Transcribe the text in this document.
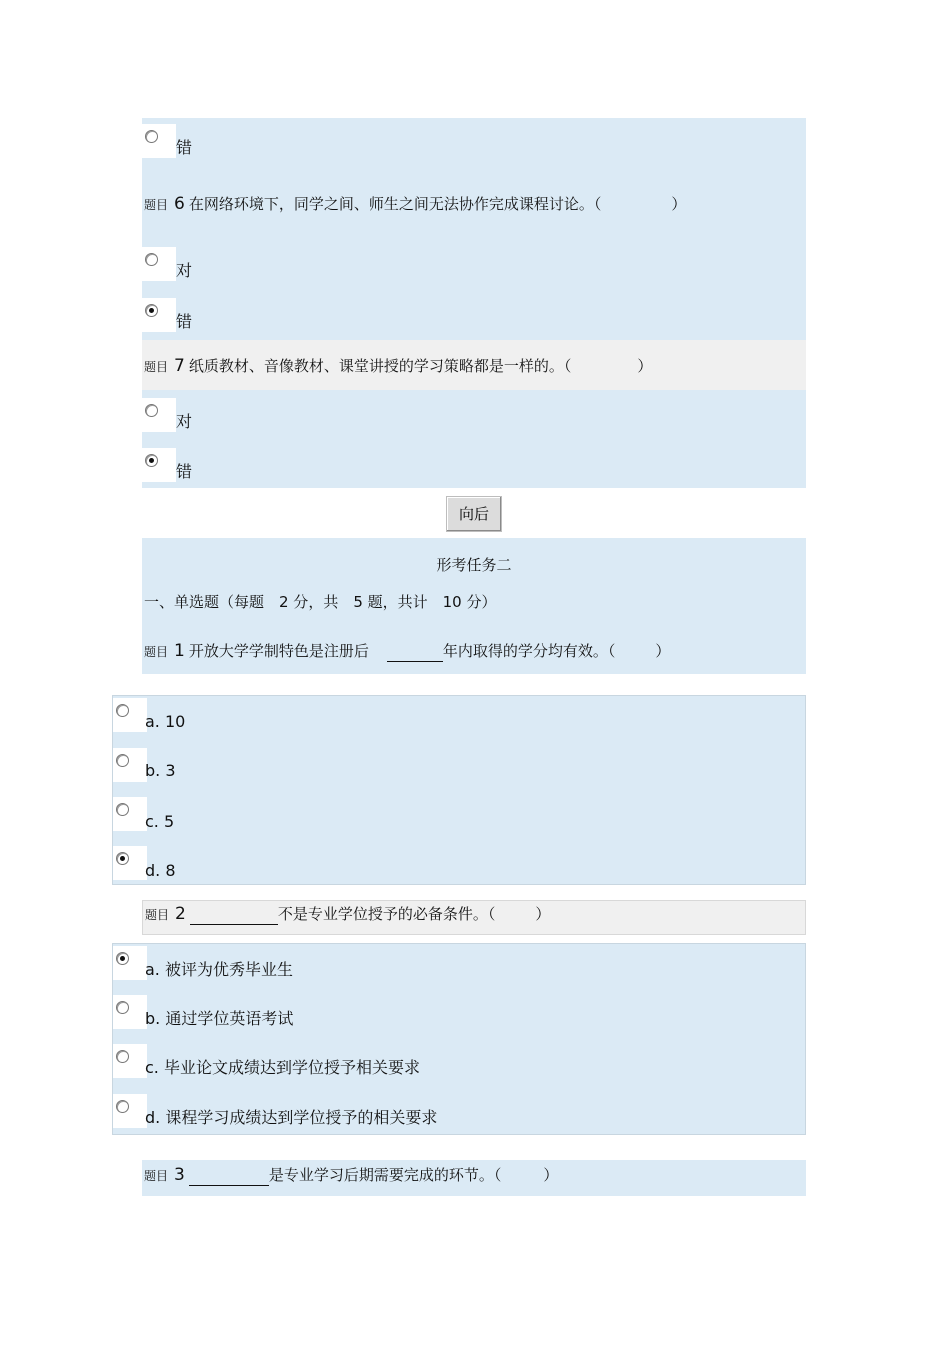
错
题目 6 在网络环境下，同学之间、师生之间无法协作完成课程讨论。（	）
对
错
题目 7 纸质教材、音像教材、课堂讲授的学习策略都是一样的。（	）
对
错
向后
形考任务二
一、单选题（每题　2 分，共　5 题，共计　10 分）
题目 1 开放大学学制特色是注册后	年内取得的学分均有效。（	）
a. 10
b. 3
c. 5
d. 8
题目 2	不是专业学位授予的必备条件。（	）
a. 被评为优秀毕业生
b. 通过学位英语考试
c. 毕业论文成绩达到学位授予相关要求
d. 课程学习成绩达到学位授予的相关要求
题目 3	是专业学习后期需要完成的环节。（	）
